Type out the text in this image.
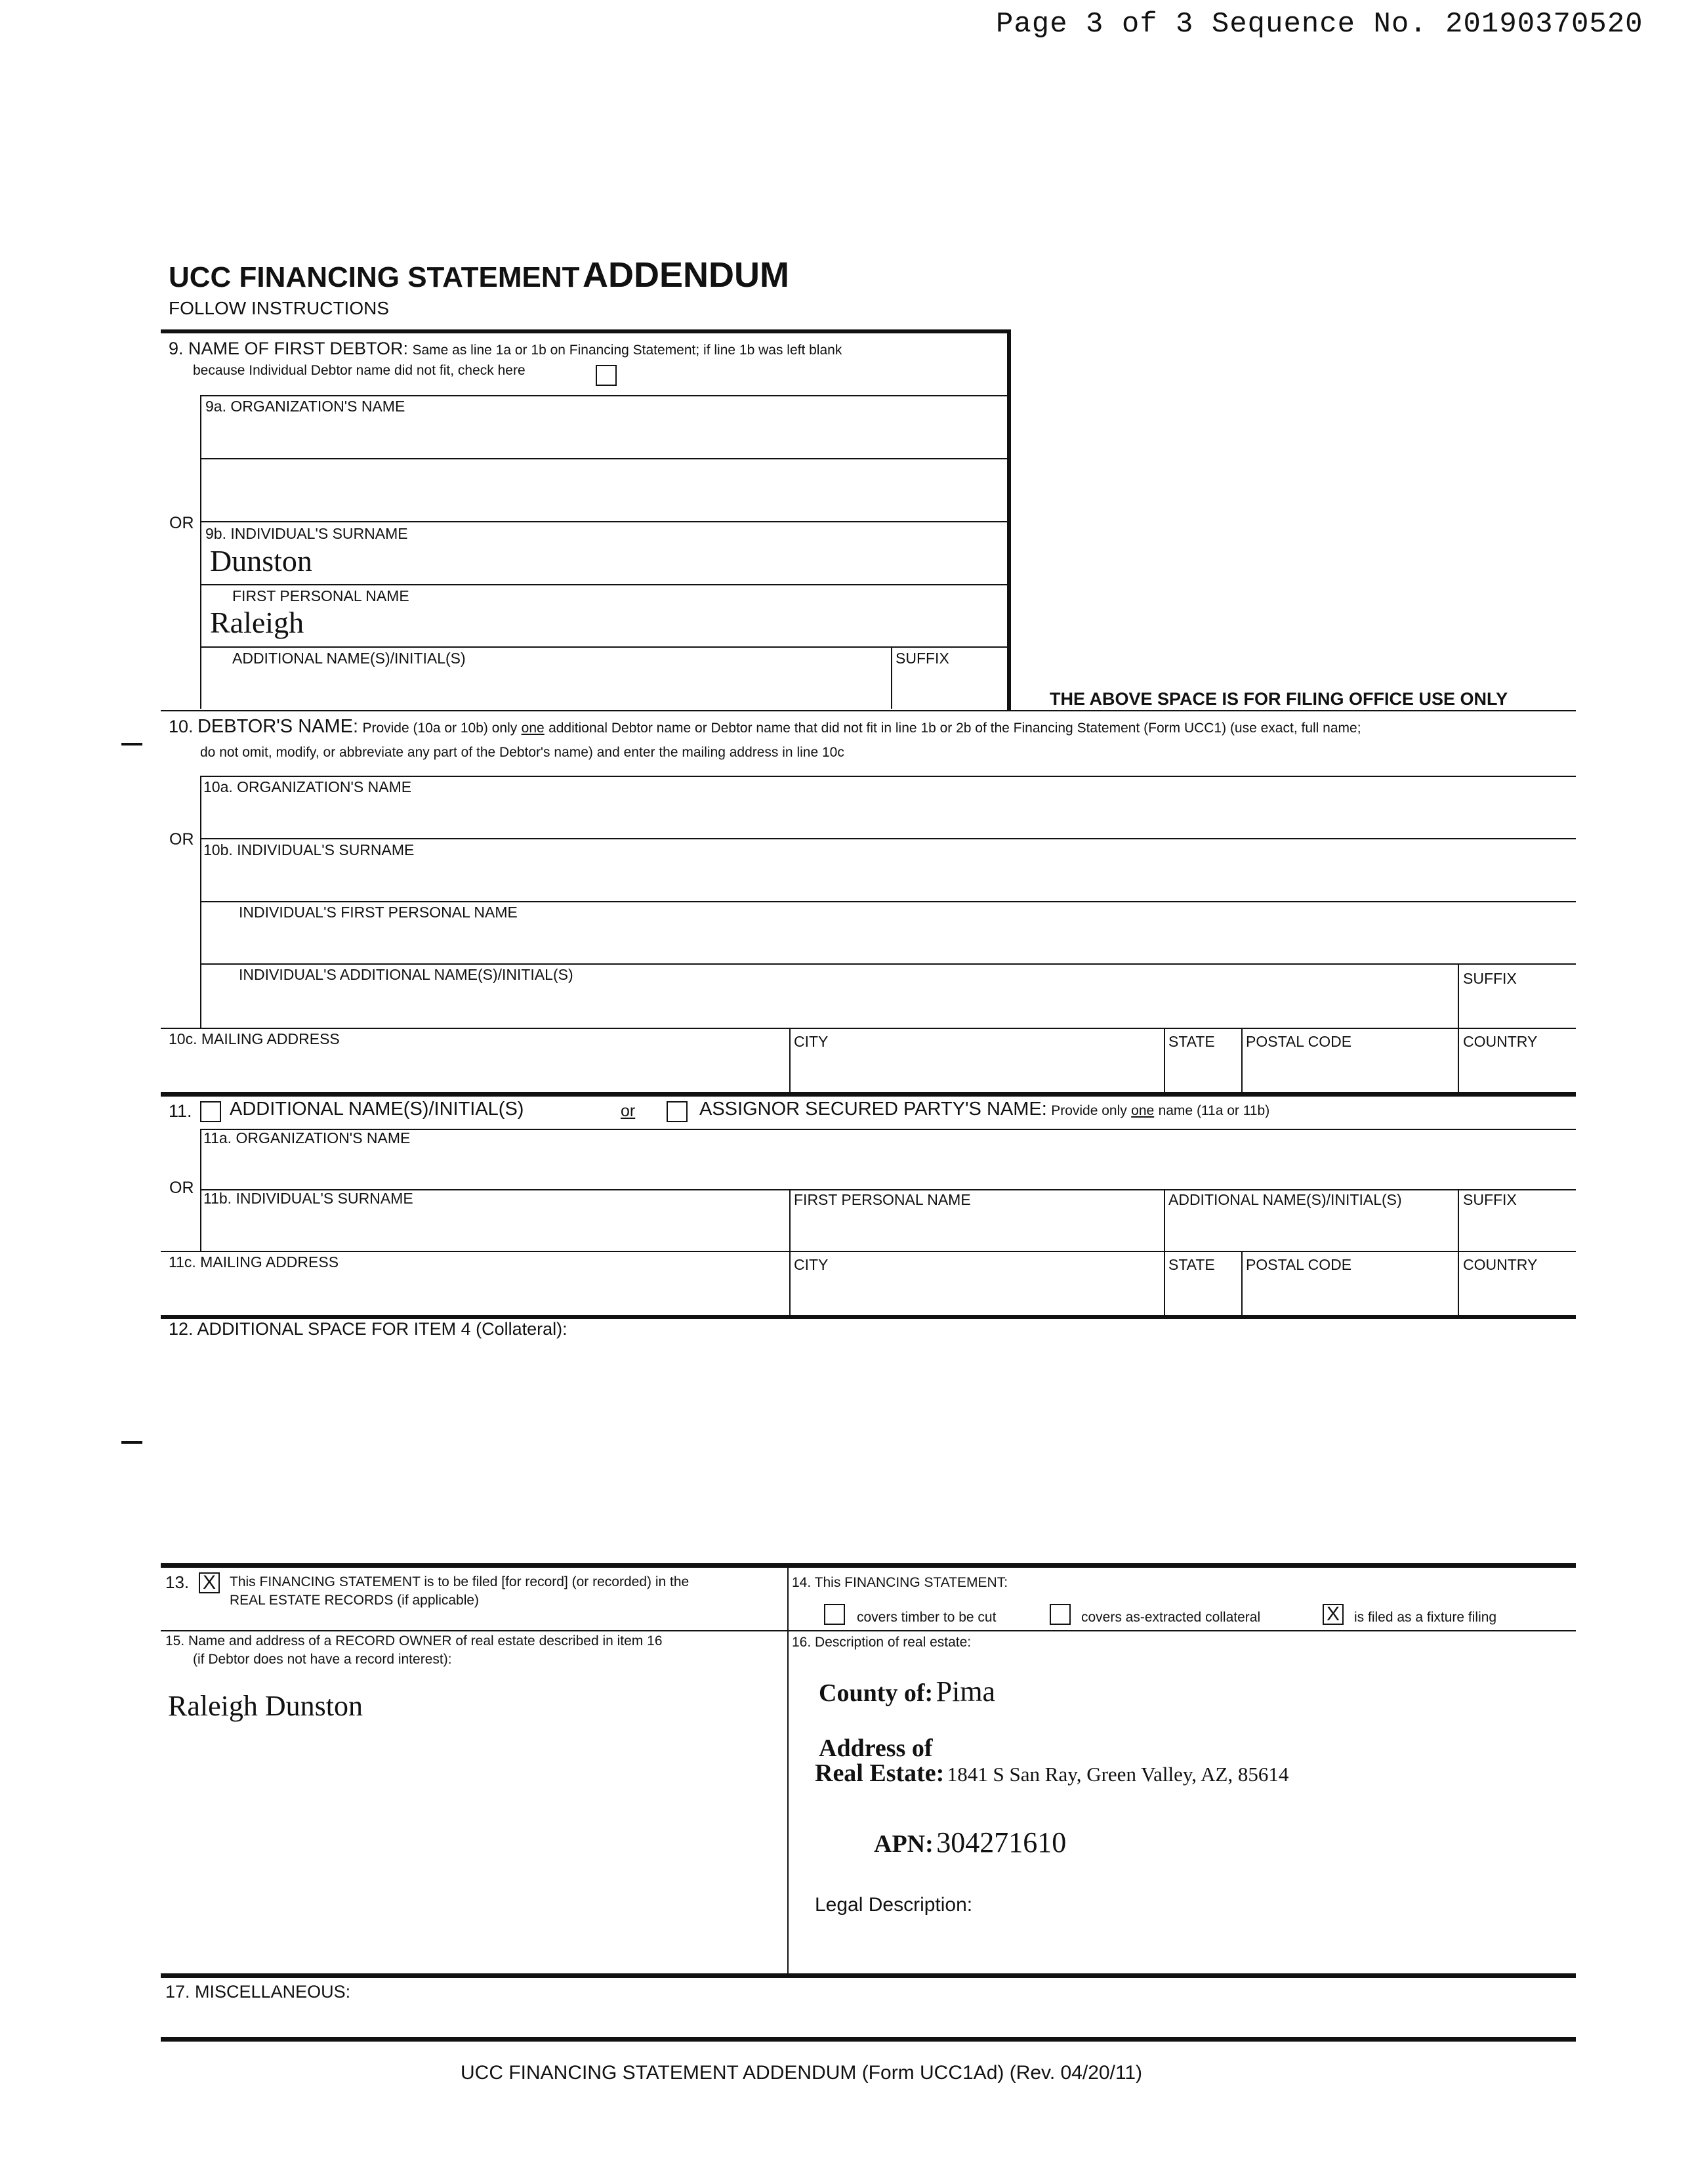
Page 3 of 3 Sequence No. 20190370520
UCC FINANCING STATEMENT ADDENDUM
FOLLOW INSTRUCTIONS
9. NAME OF FIRST DEBTOR: Same as line 1a or 1b on Financing Statement; if line 1b was left blank
because Individual Debtor name did not fit, check here
9a. ORGANIZATION'S NAME
OR
9b. INDIVIDUAL'S SURNAME
Dunston
FIRST PERSONAL NAME
Raleigh
ADDITIONAL NAME(S)/INITIAL(S)	SUFFIX
THE ABOVE SPACE IS FOR FILING OFFICE USE ONLY
10. DEBTOR'S NAME: Provide (10a or 10b) only one additional Debtor name or Debtor name that did not fit in line 1b or 2b of the Financing Statement (Form UCC1) (use exact, full name;
do not omit, modify, or abbreviate any part of the Debtor's name) and enter the mailing address in line 10c
10a. ORGANIZATION'S NAME
OR
10b. INDIVIDUAL'S SURNAME
INDIVIDUAL'S FIRST PERSONAL NAME
INDIVIDUAL'S ADDITIONAL NAME(S)/INITIAL(S)	SUFFIX
10c. MAILING ADDRESS	CITY	STATE POSTAL CODE	COUNTRY
11. ADDITIONAL NAME(S)/INITIAL(S)	or	ASSIGNOR SECURED PARTY'S NAME: Provide only one name (11a or 11b)
11a. ORGANIZATION'S NAME
OR
11b. INDIVIDUAL'S SURNAME	FIRST PERSONAL NAME	ADDITIONAL NAME(S)/INITIAL(S)	SUFFIX
11c. MAILING ADDRESS	CITY	STATE POSTAL CODE	COUNTRY
12. ADDITIONAL SPACE FOR ITEM 4 (Collateral):
13. X This FINANCING STATEMENT is to be filed [for record] (or recorded) in the
REAL ESTATE RECORDS (if applicable)
14. This FINANCING STATEMENT:
covers timber to be cut	covers as-extracted collateral	X is filed as a fixture filing
15. Name and address of a RECORD OWNER of real estate described in item 16
(if Debtor does not have a record interest):
Raleigh Dunston
16. Description of real estate:
County of: Pima
Address of
Real Estate: 1841 S San Ray, Green Valley, AZ, 85614
APN: 304271610
Legal Description:
17. MISCELLANEOUS:
UCC FINANCING STATEMENT ADDENDUM (Form UCC1Ad) (Rev. 04/20/11)
